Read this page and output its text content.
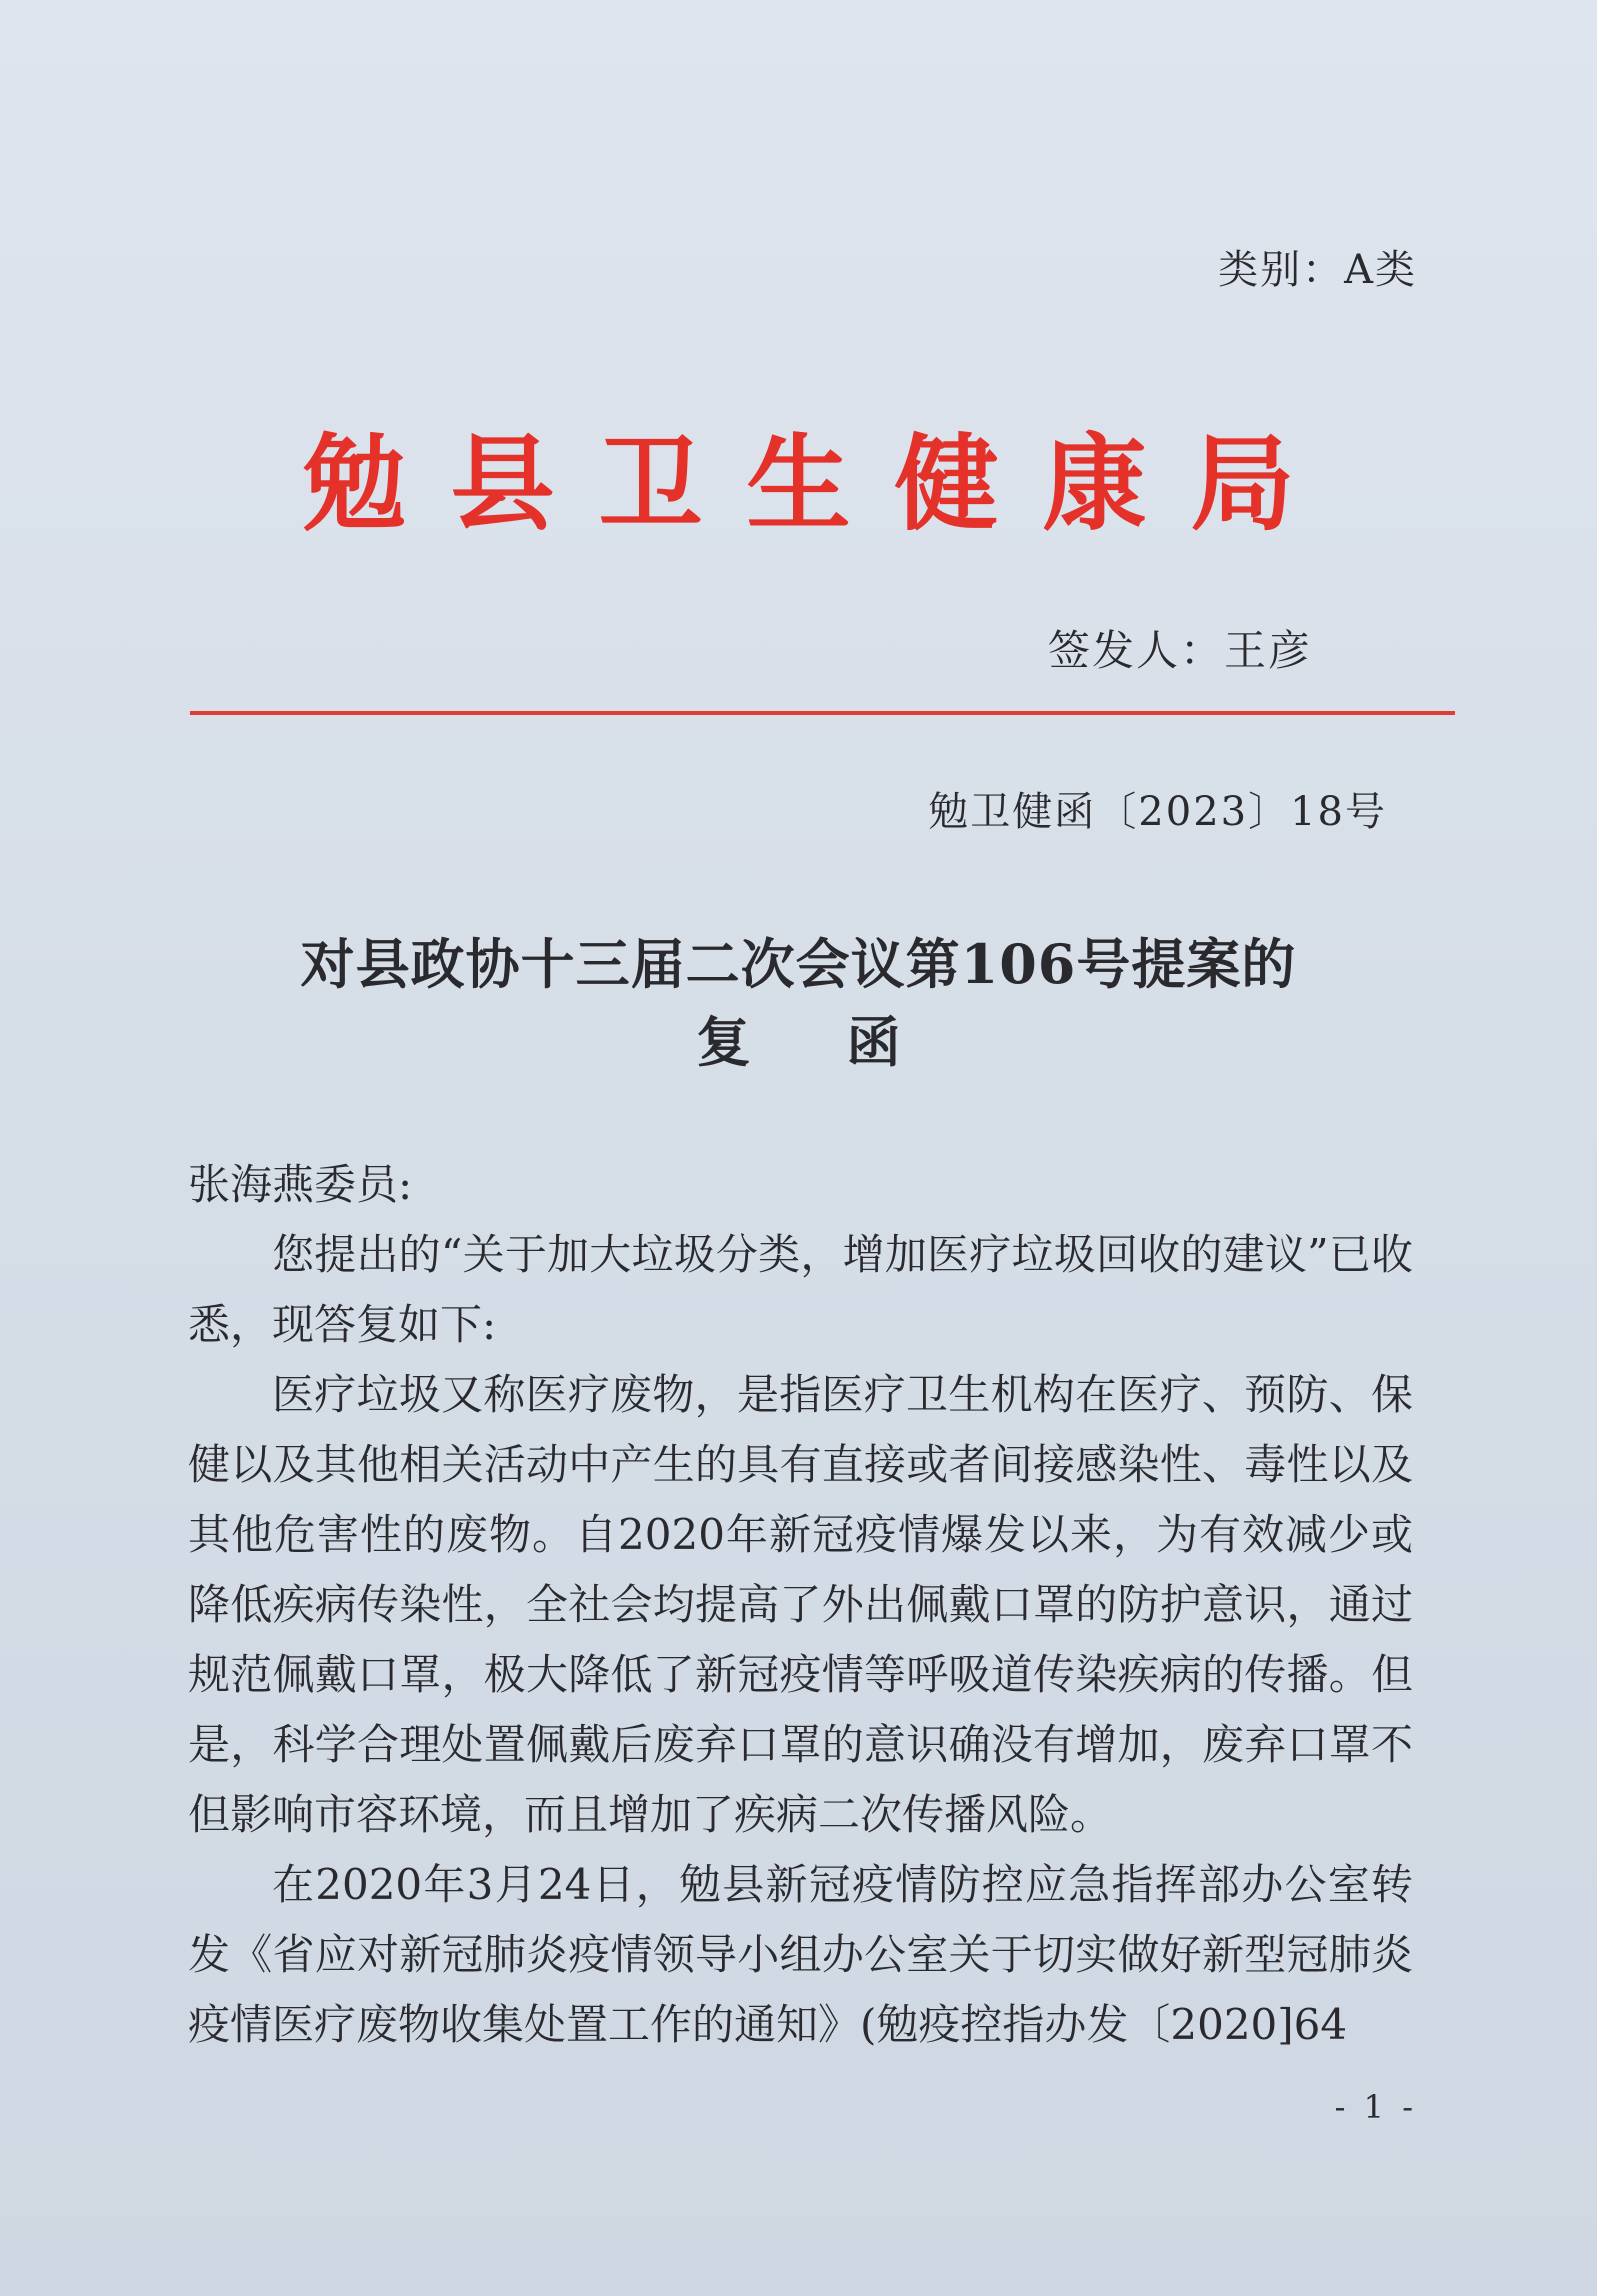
类别：A类
勉县卫生健康局
签发人：王彦
勉卫健函〔2023〕18号
对县政协十三届二次会议第106号提案的
复函

张海燕委员:

您提出的“关于加大垃圾分类，增加医疗垃圾回收的建议”已收悉，现答复如下:

医疗垃圾又称医疗废物，是指医疗卫生机构在医疗、预防、保健以及其他相关活动中产生的具有直接或者间接感染性、毒性以及其他危害性的废物。自2020年新冠疫情爆发以来，为有效减少或降低疾病传染性，全社会均提高了外出佩戴口罩的防护意识，通过规范佩戴口罩，极大降低了新冠疫情等呼吸道传染疾病的传播。但是，科学合理处置佩戴后废弃口罩的意识确没有增加，废弃口罩不但影响市容环境，而且增加了疾病二次传播风险。

在2020年3月24日，勉县新冠疫情防控应急指挥部办公室转发《省应对新冠肺炎疫情领导小组办公室关于切实做好新型冠肺炎疫情医疗废物收集处置工作的通知》(勉疫控指办发〔2020]64

- 1 -
